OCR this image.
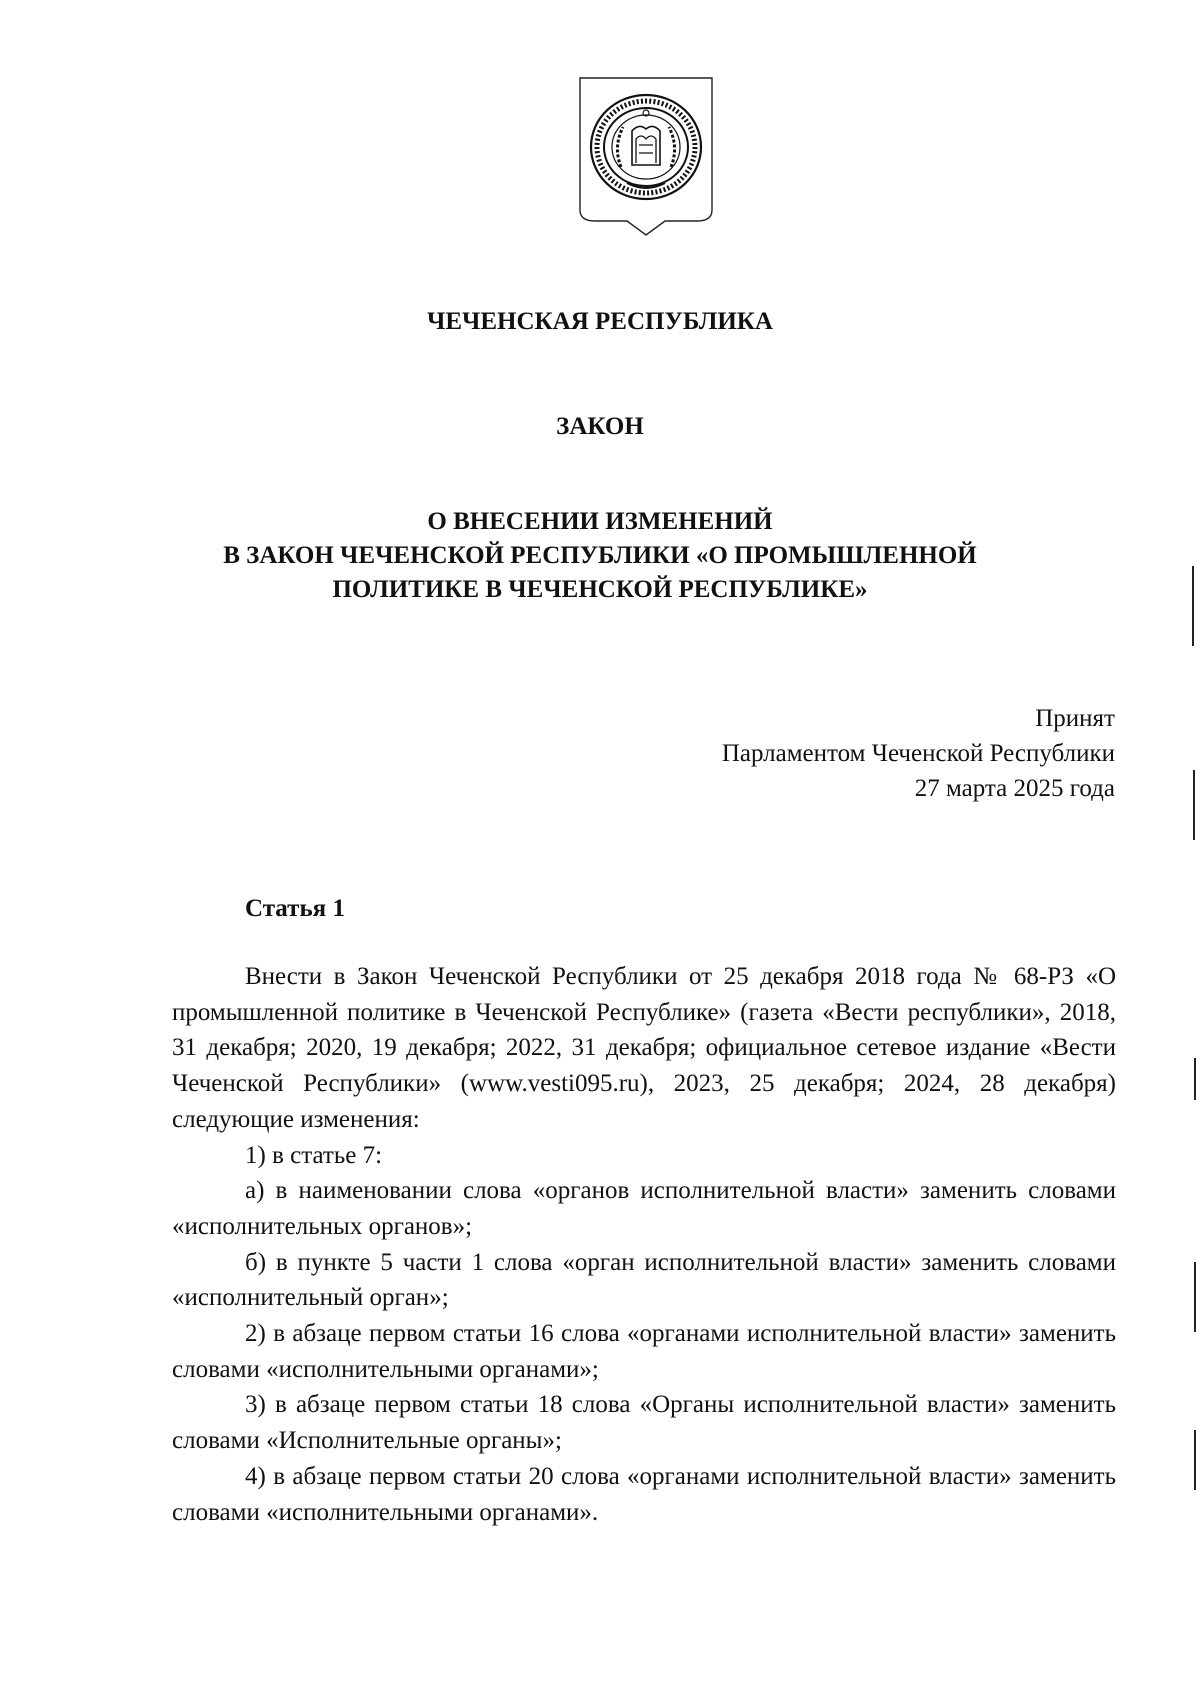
ЧЕЧЕНСКАЯ РЕСПУБЛИКА
ЗАКОН
О ВНЕСЕНИИ ИЗМЕНЕНИЙ
В ЗАКОН ЧЕЧЕНСКОЙ РЕСПУБЛИКИ «О ПРОМЫШЛЕННОЙ
ПОЛИТИКЕ В ЧЕЧЕНСКОЙ РЕСПУБЛИКЕ»
Принят
Парламентом Чеченской Республики
27 марта 2025 года
Статья 1

Внести в Закон Чеченской Республики от 25 декабря 2018 года № 68-РЗ «О промышленной политике в Чеченской Республике» (газета «Вести республики», 2018, 31 декабря; 2020, 19 декабря; 2022, 31 декабря; официальное сетевое издание «Вести Чеченской Республики» (www.vesti095.ru), 2023, 25 декабря; 2024, 28 декабря) следующие изменения:

1) в статье 7:

а) в наименовании слова «органов исполнительной власти» заменить словами «исполнительных органов»;

б) в пункте 5 части 1 слова «орган исполнительной власти» заменить словами «исполнительный орган»;

2) в абзаце первом статьи 16 слова «органами исполнительной власти» заменить словами «исполнительными органами»;

3) в абзаце первом статьи 18 слова «Органы исполнительной власти» заменить словами «Исполнительные органы»;

4) в абзаце первом статьи 20 слова «органами исполнительной власти» заменить словами «исполнительными органами».
